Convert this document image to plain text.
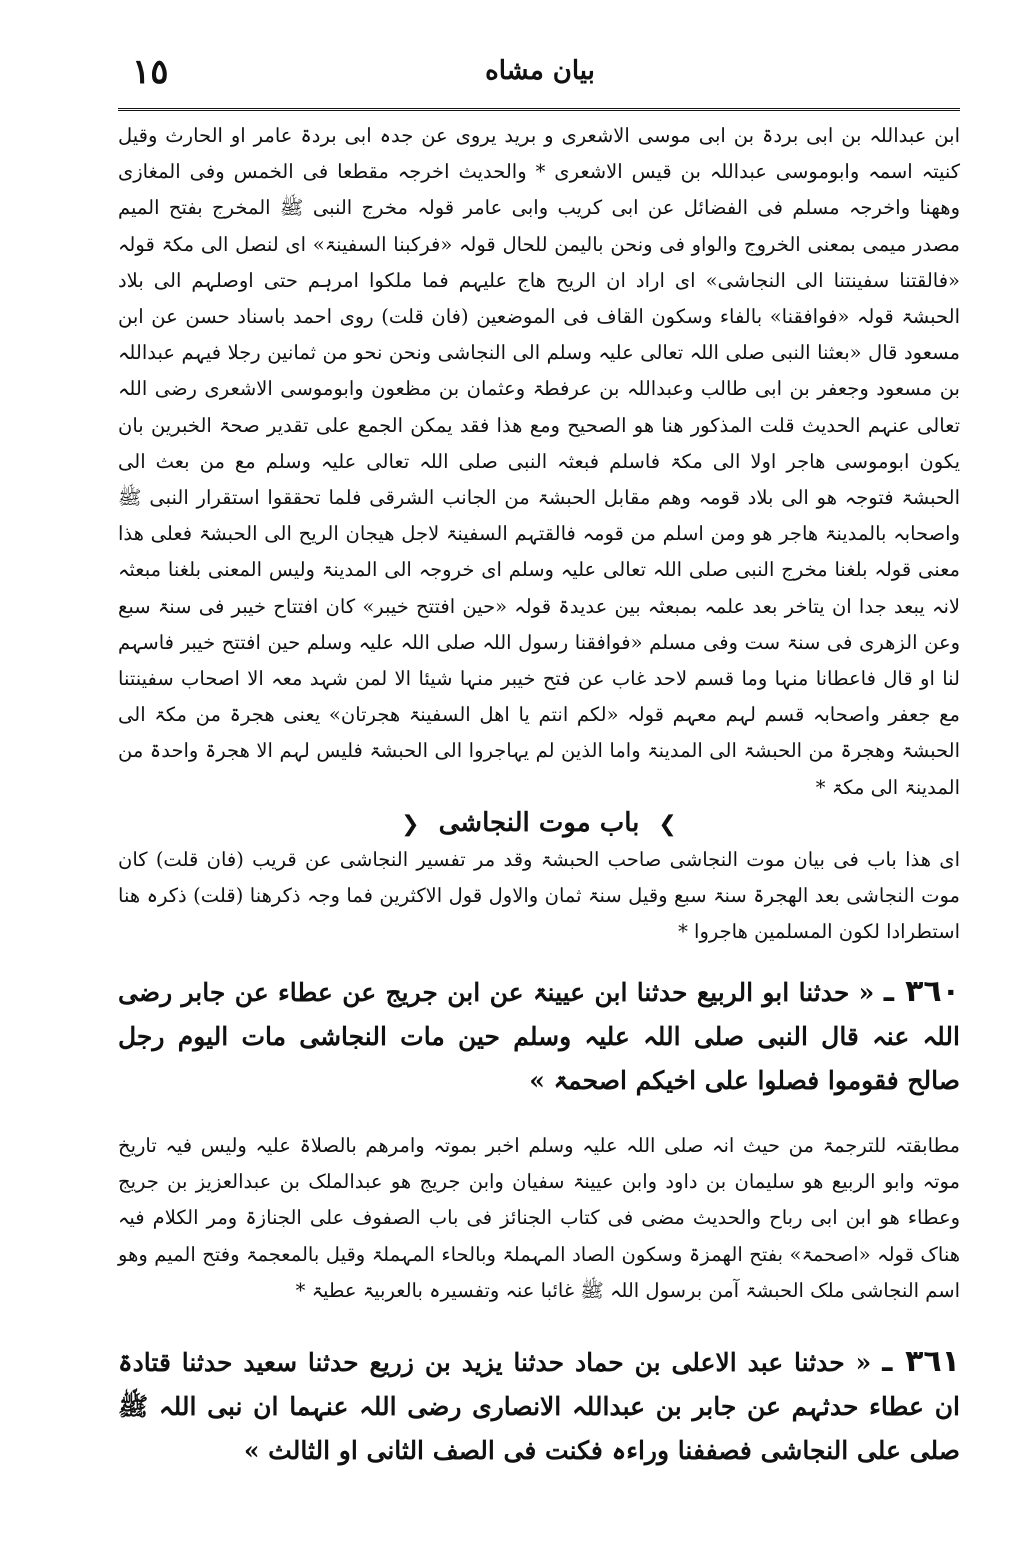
١٥	بیان مشاه

ابن عبداللہ بن ابی بردۃ بن ابی موسی الاشعری و برید یروی عن جدہ ابی بردۃ عامر او الحارث وقیل کنیتہ اسمہ وابوموسی عبداللہ بن قیس الاشعری * والحدیث اخرجہ مقطعا فی الخمس وفی المغازی وھھنا واخرجہ مسلم فی الفضائل عن ابی کریب وابی عامر قولہ مخرج النبی ﷺ المخرج بفتح المیم مصدر میمی بمعنی الخروج والواو فی ونحن بالیمن للحال قولہ «فرکبنا السفینۃ» ای لنصل الی مکۃ قولہ «فالقتنا سفینتنا الی النجاشی» ای اراد ان الریح ھاج علیہم فما ملکوا امرہم حتی اوصلہم الی بلاد الحبشۃ قولہ «فوافقنا» بالفاء وسکون القاف فی الموضعین (فان قلت) روی احمد باسناد حسن عن ابن مسعود قال «بعثنا النبی صلی اللہ تعالی علیہ وسلم الی النجاشی ونحن نحو من ثمانین رجلا فیہم عبداللہ بن مسعود وجعفر بن ابی طالب وعبداللہ بن عرفطۃ وعثمان بن مظعون وابوموسی الاشعری رضی اللہ تعالی عنہم الحدیث قلت المذکور ھنا ھو الصحیح ومع ھذا فقد یمکن الجمع علی تقدیر صحۃ الخبرین بان یکون ابوموسی ھاجر اولا الی مکۃ فاسلم فبعثہ النبی صلی اللہ تعالی علیہ وسلم مع من بعث الی الحبشۃ فتوجہ ھو الی بلاد قومہ وھم مقابل الحبشۃ من الجانب الشرقی فلما تحققوا استقرار النبی ﷺ واصحابہ بالمدینۃ ھاجر ھو ومن اسلم من قومہ فالقتہم السفینۃ لاجل ھیجان الریح الی الحبشۃ فعلی ھذا معنی قولہ بلغنا مخرج النبی صلی اللہ تعالی علیہ وسلم ای خروجہ الی المدینۃ ولیس المعنی بلغنا مبعثہ لانہ یبعد جدا ان یتاخر بعد علمہ بمبعثہ بین عدیدۃ قولہ «حین افتتح خیبر» کان افتتاح خیبر فی سنۃ سبع وعن الزھری فی سنۃ ست وفی مسلم «فوافقنا رسول اللہ صلی اللہ علیہ وسلم حین افتتح خیبر فاسہم لنا او قال فاعطانا منہا وما قسم لاحد غاب عن فتح خیبر منہا شیئا الا لمن شہد معہ الا اصحاب سفینتنا مع جعفر واصحابہ قسم لہم معہم قولہ «لکم انتم یا اھل السفینۃ ھجرتان» یعنی ھجرۃ من مکۃ الی الحبشۃ وھجرۃ من الحبشۃ الی المدینۃ واما الذین لم یہاجروا الی الحبشۃ فلیس لہم الا ھجرۃ واحدۃ من المدینۃ الی مکۃ *

❯ باب موت النجاشی ❮

ای ھذا باب فی بیان موت النجاشی صاحب الحبشۃ وقد مر تفسیر النجاشی عن قریب (فان قلت) کان موت النجاشی بعد الھجرۃ سنۃ سبع وقیل سنۃ ثمان والاول قول الاکثرین فما وجہ ذکرھنا (قلت) ذکرہ ھنا استطرادا لکون المسلمین ھاجروا *

٣٦٠ ـ « حدثنا ابو الربیع حدثنا ابن عیینۃ عن ابن جریج عن عطاء عن جابر رضی اللہ عنہ قال النبی صلی اللہ علیہ وسلم حین مات النجاشی مات الیوم رجل صالح فقوموا فصلوا علی اخیکم اصحمۃ »

مطابقتہ للترجمۃ من حیث انہ صلی اللہ علیہ وسلم اخبر بموتہ وامرھم بالصلاۃ علیہ ولیس فیہ تاریخ موتہ وابو الربیع ھو سلیمان بن داود وابن عیینۃ سفیان وابن جریج ھو عبدالملک بن عبدالعزیز بن جریج وعطاء ھو ابن ابی رباح والحدیث مضی فی کتاب الجنائز فی باب الصفوف علی الجنازۃ ومر الکلام فیہ ھناک قولہ «اصحمۃ» بفتح الھمزۃ وسکون الصاد المہملۃ وبالحاء المہملۃ وقیل بالمعجمۃ وفتح المیم وھو اسم النجاشی ملک الحبشۃ آمن برسول اللہ ﷺ غائبا عنہ وتفسیرہ بالعربیۃ عطیۃ *

٣٦١ ـ « حدثنا عبد الاعلی بن حماد حدثنا یزید بن زریع حدثنا سعید حدثنا قتادۃ ان عطاء حدثہم عن جابر بن عبداللہ الانصاری رضی اللہ عنہما ان نبی اللہ ﷺ صلی علی النجاشی فصففنا وراءہ فکنت فی الصف الثانی او الثالث »
